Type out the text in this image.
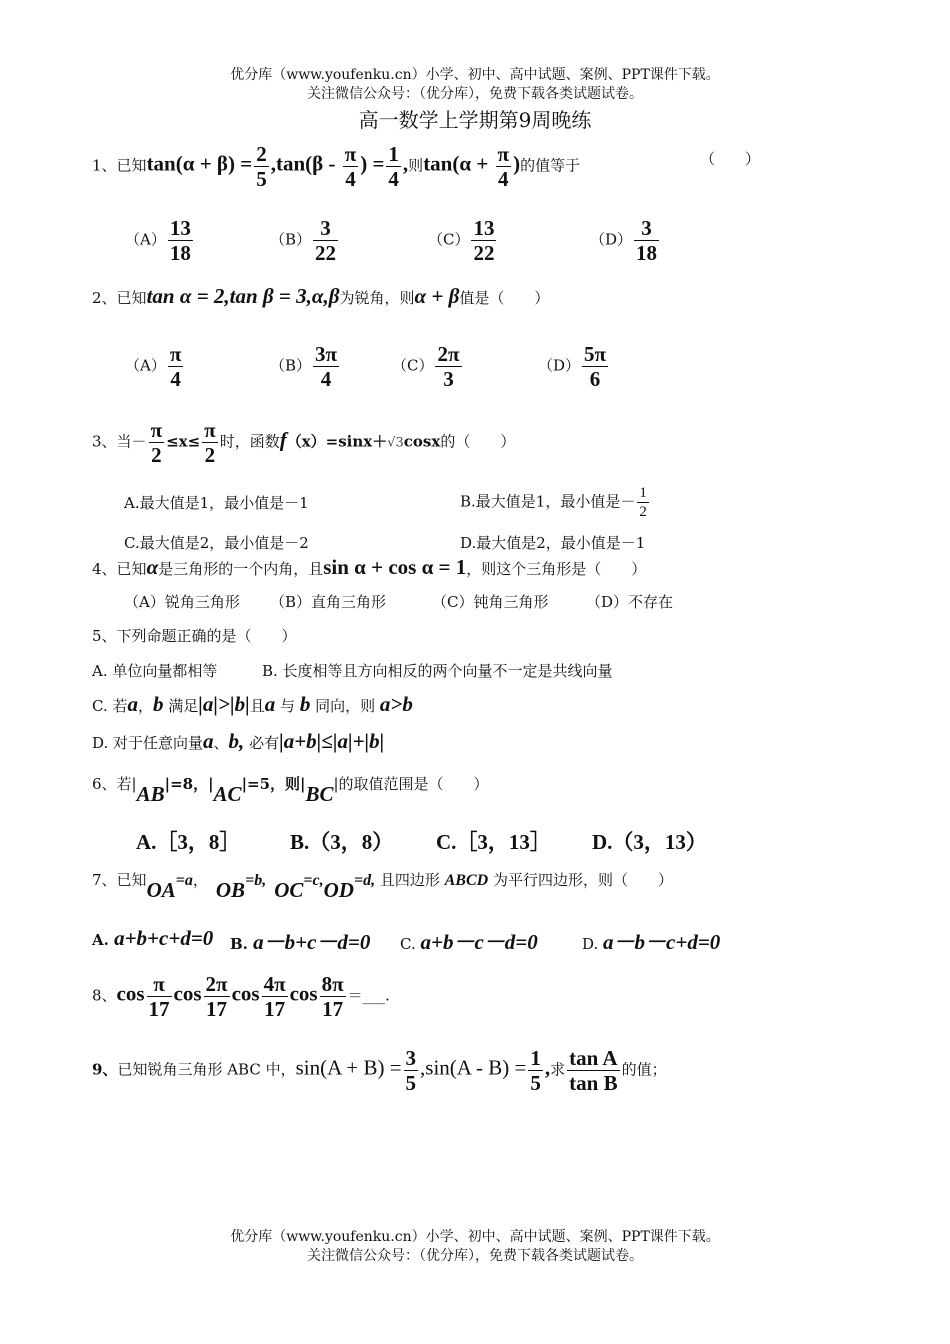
优分库（www.youfenku.cn）小学、初中、高中试题、案例、PPT课件下载。
关注微信公众号：（优分库），免费下载各类试题试卷。
高一数学上学期第9周晚练
1、已知$\tan(\alpha + \beta) = \frac{2}{5} ,\tan(\beta - \frac{\pi}{4}$ ) = $\frac{1}{4}$ ,则$\tan(\alpha + \frac{\pi}{4}$ )的值等于	（　　）
$(A) \frac{13}{18}$	$(B) \frac{3}{22}$	$(C) \frac{13}{22}$	$(D) \frac{3}{18}$
2、已知tan α = 2,tan β = 3,α,β为锐角，则α + β值是（　　）
$(A) \frac{\pi}{4}$	$(B) \frac{3\pi}{4}$	$(C) \frac{2\pi}{3}$	$(D) \frac{5\pi}{6}$
3、当－ $\frac{\pi}{2} \le x\le \frac{\pi}{2}$ 时，函数f（x）=sinx＋√3cosx的（　　）
A.最大值是1，最小值是－1	B.最大值是1，最小值是－ $\frac{1}{2}$
C.最大值是2，最小值是－2	D.最大值是2，最小值是－1
4、已知α是三角形的一个内角，且sin α + cos α = 1，则这个三角形是（　　）
（A）锐角三角形 （B）直角三角形	（C）钝角三角形	（D）不存在
5、下列命题正确的是（　　）
A. 单位向量都相等	B. 长度相等且方向相反的两个向量不一定是共线向量
C. 若a，b 满足|a|>|b|且a 与 b 同向，则 a>b
D. 对于任意向量a、b, 必有|a+b|≤|a|+|b|
6、若|AB|=8，|AC|=5，则|BC|的取值范围是（　　）
A.［3，8］ B.（3，8） C.［3，13］ D.（3，13）
7、已知OA=a， OB=b, OC=c,OD=d, 且四边形 ABCD 为平行四边形，则（　　）
A. a+b+c+d=0 B. a－b+c－d=0 C. a+b－c－d=0	D. a－b－c+d=0
8、$\cos \frac{\pi}{17}$ $\cos \frac{2\pi}{17}$ $\cos \frac{4\pi}{17}$ $\cos \frac{8\pi}{17}$ ＝___.
9、已知锐角三角形 ABC 中，$\sin(A + B) = \frac{3}{5} ,\sin(A - B) = \frac{1}{5}$ ,求 $\frac{\text{tan A}}{\text{tan B}}$ 的值；
优分库（www.youfenku.cn）小学、初中、高中试题、案例、PPT课件下载。
关注微信公众号：（优分库），免费下载各类试题试卷。
